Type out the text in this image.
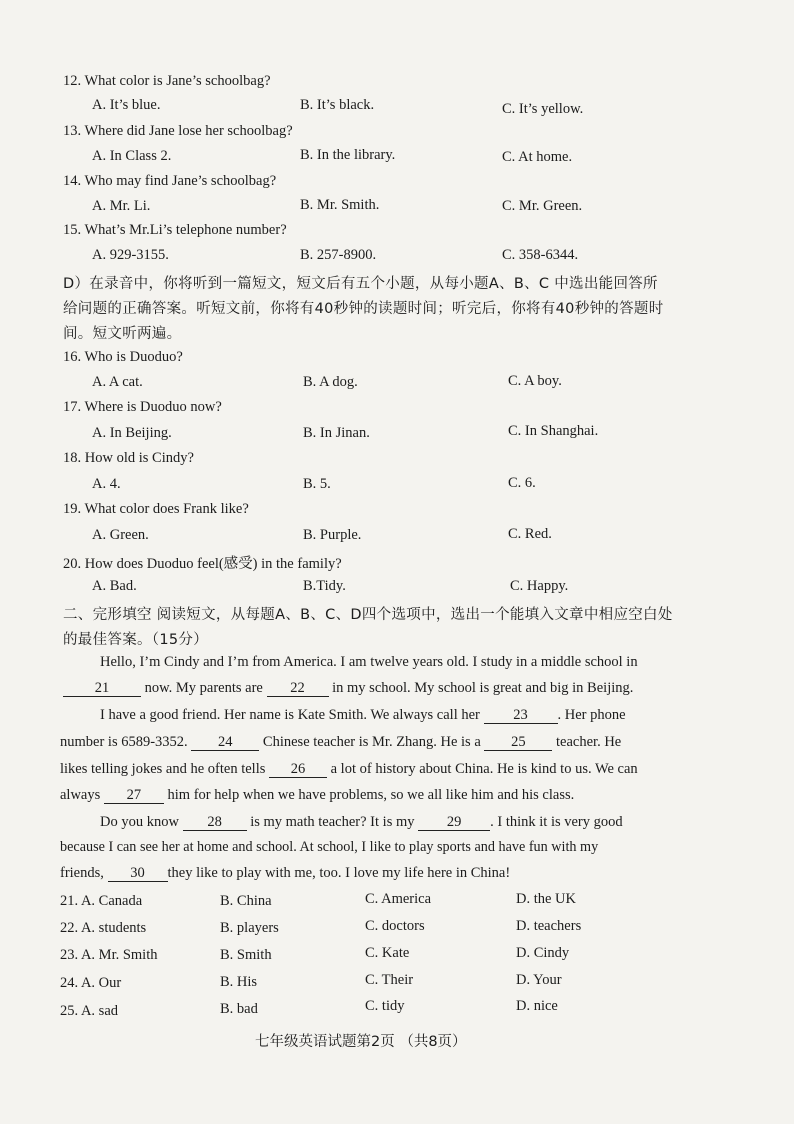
12. What color is Jane’s schoolbag?
A. It’s blue.	B. It’s black.	C. It’s yellow.
13. Where did Jane lose her schoolbag?
A. In Class 2.	B. In the library.	C. At home.
14. Who may find Jane’s schoolbag?
A. Mr. Li.	B. Mr. Smith.	C. Mr. Green.
15. What’s Mr.Li’s telephone number?
A. 929-3155.	B. 257-8900.	C. 358-6344.
D）在录音中，你将听到一篇短文，短文后有五个小题，从每小题A、B、C 中选出能回答所
给问题的正确答案。听短文前，你将有40秒钟的读题时间；听完后，你将有40秒钟的答题时
间。短文听两遍。
16. Who is Duoduo?
A. A cat.	B. A dog.	C. A boy.
17. Where is Duoduo now?
A. In Beijing.	B. In Jinan.	C. In Shanghai.
18. How old is Cindy?
A. 4.	B. 5.	C. 6.
19. What color does Frank like?
A. Green.	B. Purple.	C. Red.
20. How does Duoduo feel(感受) in the family?
A. Bad.	B.Tidy.	C. Happy.
二、完形填空 阅读短文，从每题A、B、C、D四个选项中，选出一个能填入文章中相应空白处
的最佳答案。（15分）
Hello, I’m Cindy and I’m from America. I am twelve years old. I study in a middle school in
21 now. My parents are 22 in my school. My school is great and big in Beijing.
I have a good friend. Her name is Kate Smith. We always call her 23 . Her phone
number is 6589-3352. 24 Chinese teacher is Mr. Zhang. He is a 25 teacher. He
likes telling jokes and he often tells 26 a lot of history about China. He is kind to us. We can
always 27 him for help when we have problems, so we all like him and his class.
Do you know 28 is my math teacher? It is my 29 . I think it is very good
because I can see her at home and school. At school, I like to play sports and have fun with my
friends, 30 they like to play with me, too. I love my life here in China!
21. A. Canada	B. China	C. America	D. the UK
22. A. students	B. players	C. doctors	D. teachers
23. A. Mr. Smith	B. Smith	C. Kate	D. Cindy
24. A. Our	B. His	C. Their	D. Your
25. A. sad	B. bad	C. tidy	D. nice
七年级英语试题第2页 （共8页）
